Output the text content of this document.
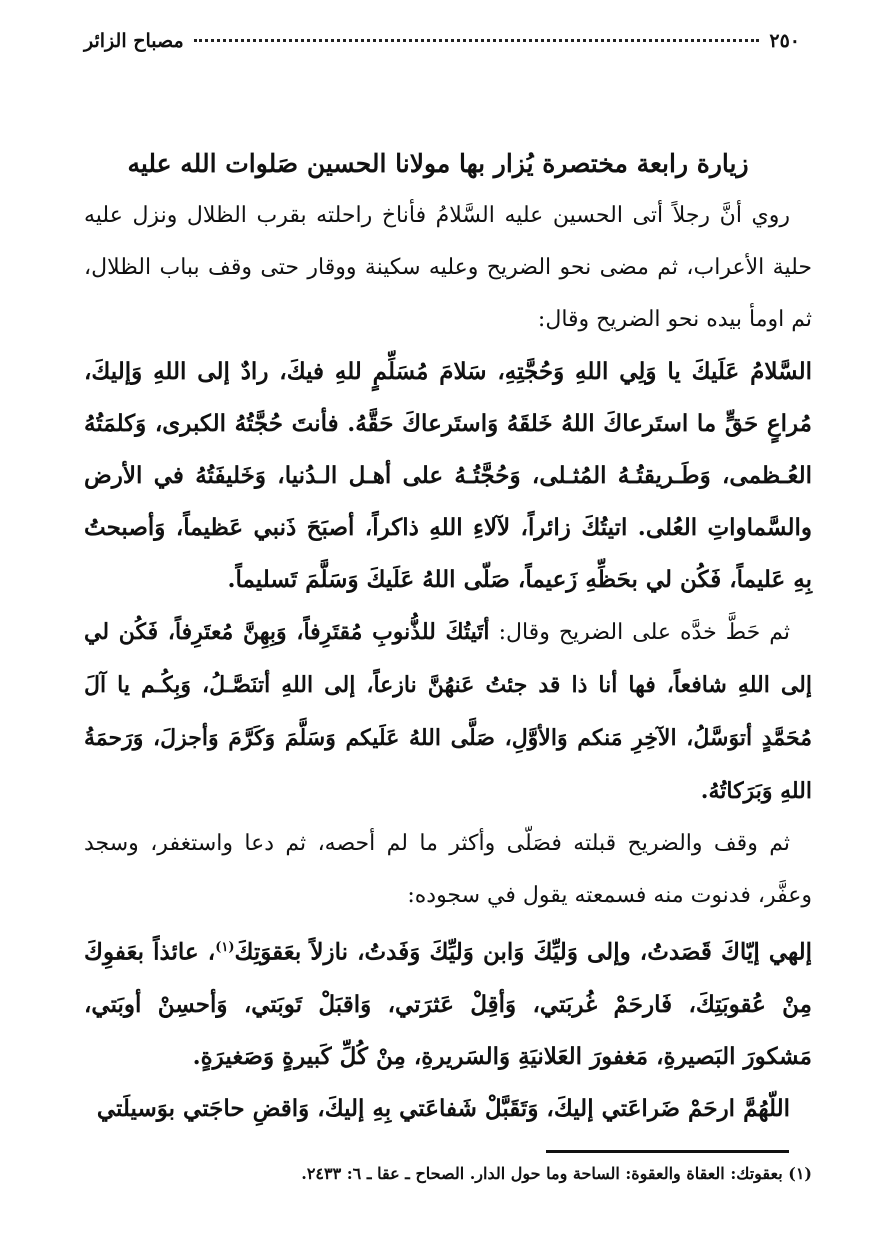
٢٥٠
مصباح الزائر
زيارة رابعة مختصرة يُزار بها مولانا الحسين صَلوات الله عليه

روي أنَّ رجلاً أتى الحسين عليه السَّلامُ فأناخ راحلته بقرب الظلال ونزل عليه حلية الأعراب، ثم مضى نحو الضريح وعليه سكينة ووقار حتى وقف بباب الظلال، ثم اومأ بيده نحو الضريح وقال:

السَّلامُ عَلَيكَ يا وَلِي اللهِ وَحُجَّتِهِ، سَلامَ مُسَلِّمٍ للهِ فيكَ، رادٌ إلى اللهِ وَإليكَ، مُراعٍ حَقٍّ ما استَرعاكَ اللهُ خَلقَهُ وَاستَرعاكَ حَقَّهُ. فأنتَ حُجَّتُهُ الكبرى، وَكلمَتُهُ العُـظمى، وَطَـريقتُـهُ المُثـلى، وَحُجَّتُـهُ على أهـل الـدُنيا، وَخَليفَتُهُ في الأرض والسَّماواتِ العُلى. اتيتُكَ زائراً، لآلاءِ اللهِ ذاكراً، أصبَحَ ذَنبي عَظيماً، وَأصبحتُ بِهِ عَليماً، فَكُن لي بحَظِّهِ زَعيماً، صَلّى اللهُ عَلَيكَ وَسَلَّمَ تَسليماً.

ثم حَطَّ خدَّه على الضريح وقال: أتَيتُكَ للذُّنوبِ مُقتَرِفاً، وَبِهِنَّ مُعتَرِفاً، فَكُن لي إلى اللهِ شافعاً، فها أنا ذا قد جئتُ عَنهُنَّ نازعاً، إلى اللهِ أتنَصَّـلُ، وَبِكُـم يا آلَ مُحَمَّدٍ أتوَسَّلُ، الآخِرِ مَنكم وَالأوَّلِ، صَلَّى اللهُ عَلَيكم وَسَلَّمَ وَكَرَّمَ وَأجزلَ، وَرَحمَةُ اللهِ وَبَرَكاتُهُ.

ثم وقف والضريح قبلته فصَلّى وأكثر ما لم أحصه، ثم دعا واستغفر، وسجد وعفَّر، فدنوت منه فسمعته يقول في سجوده:

إلهي إيّاكَ قَصَدتُ، وإلى وَليِّكَ وَابن وَليِّكَ وَفَدتُ، نازلاً بعَقوَتِكَ$^{(١)}$، عائذاً بعَفوِكَ مِنْ عُقوبَتِكَ، فَارحَمْ غُربَتي، وَأقِلْ عَثرَتي، وَاقبَلْ تَوبَتي، وَأحسِنْ أوبَتي، مَشكورَ البَصيرةِ، مَغفورَ العَلانيَةِ وَالسَريرةِ، مِنْ كُلِّ كَبيرةٍ وَصَغيرَةٍ.

اللّهُمَّ ارحَمْ ضَراعَتي إليكَ، وَتَقَبَّلْ شَفاعَتي بِهِ إليكَ، وَاقضِ حاجَتي بوَسيلَتي

(١) بعقوتك: العقاة والعقوة: الساحة وما حول الدار. الصحاح ـ عقا ـ ٦: ٢٤٣٣.
